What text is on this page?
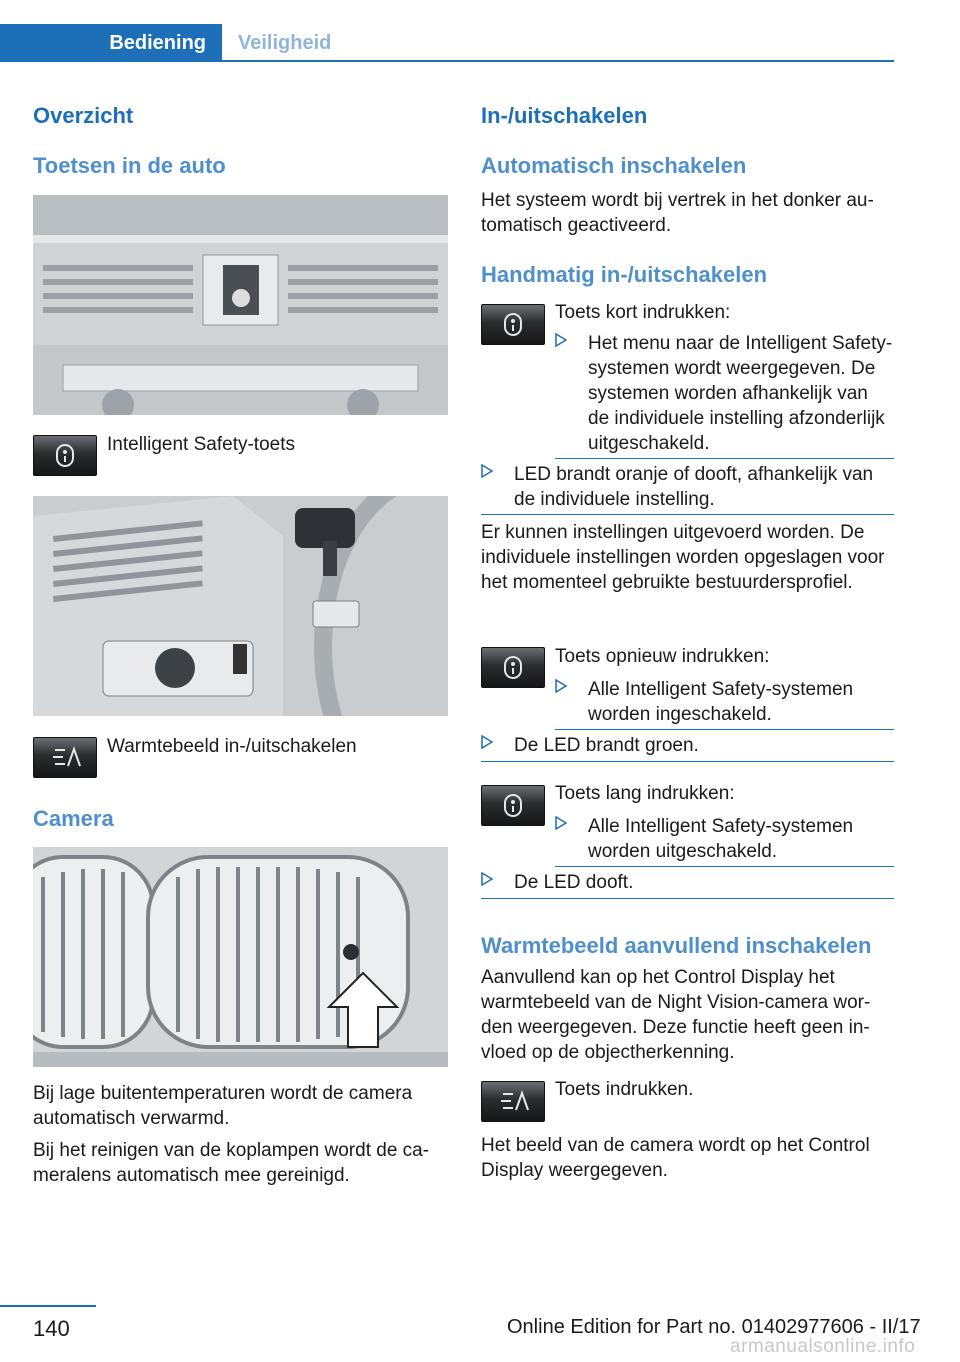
Bediening	Veiligheid
Overzicht
Toetsen in de auto
Intelligent Safety-toets
Warmtebeeld in-/uitschakelen
Camera
Bij lage buitentemperaturen wordt de camera automatisch verwarmd.
Bij het reinigen van de koplampen wordt de cameralens automatisch mee gereinigd.
In-/uitschakelen
Automatisch inschakelen
Het systeem wordt bij vertrek in het donker automatisch geactiveerd.
Handmatig in-/uitschakelen
Toets kort indrukken:
Het menu naar de Intelligent Safety-systemen wordt weergegeven. De systemen worden afhankelijk van de individuele instelling afzonderlijk uitgeschakeld.
LED brandt oranje of dooft, afhankelijk van de individuele instelling.
Er kunnen instellingen uitgevoerd worden. De individuele instellingen worden opgeslagen voor het momenteel gebruikte bestuurdersprofiel.
Toets opnieuw indrukken:
Alle Intelligent Safety-systemen worden ingeschakeld.
De LED brandt groen.
Toets lang indrukken:
Alle Intelligent Safety-systemen worden uitgeschakeld.
De LED dooft.
Warmtebeeld aanvullend inschakelen
Aanvullend kan op het Control Display het warmtebeeld van de Night Vision-camera worden weergegeven. Deze functie heeft geen invloed op de objectherkenning.
Toets indrukken.
Het beeld van de camera wordt op het Control Display weergegeven.
140	Online Edition for Part no. 01402977606 - II/17
armanualsonline.info
